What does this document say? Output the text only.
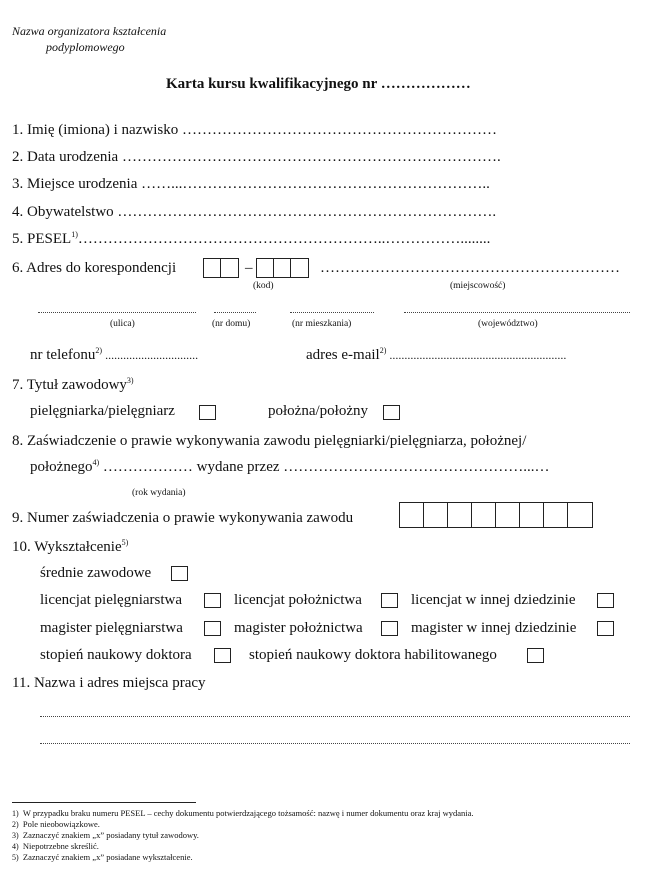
Nazwa organizatora kształcenia
podyplomowego
Karta kursu kwalifikacyjnego nr ………………
1. Imię (imiona) i nazwisko ………………………………………………………
2. Data urodzenia ………………………………………………………………….
3. Miejsce urodzenia ……...……………………………………………………..
4. Obywatelstwo ………………………………………………………………….
5. PESEL$^{1)}$……………………………………………………..……………........
6. Adres do korespondencji	–	……………………………………………………
(kod)	(miejscowość)
(ulica)	(nr domu)	(nr mieszkania)	(województwo)
nr telefonu$^{2)}$ ...............................	adres e-mail$^{2)}$ ...........................................................
7. Tytuł zawodowy$^{3)}$
pielęgniarka/pielęgniarz	położna/położny
8. Zaświadczenie o prawie wykonywania zawodu pielęgniarki/pielęgniarza, położnej/
położnego$^{4)}$ ……………… wydane przez …………………………………………...…
(rok wydania)
9. Numer zaświadczenia o prawie wykonywania zawodu
10. Wykształcenie$^{5)}$
średnie zawodowe
licencjat pielęgniarstwa	licencjat położnictwa	licencjat w innej dziedzinie
magister pielęgniarstwa	magister położnictwa	magister w innej dziedzinie
stopień naukowy doktora	stopień naukowy doktora habilitowanego
11. Nazwa i adres miejsca pracy
1) W przypadku braku numeru PESEL – cechy dokumentu potwierdzającego tożsamość: nazwę i numer dokumentu oraz kraj wydania.
2) Pole nieobowiązkowe.
3) Zaznaczyć znakiem „x” posiadany tytuł zawodowy.
4) Niepotrzebne skreślić.
5) Zaznaczyć znakiem „x” posiadane wykształcenie.
